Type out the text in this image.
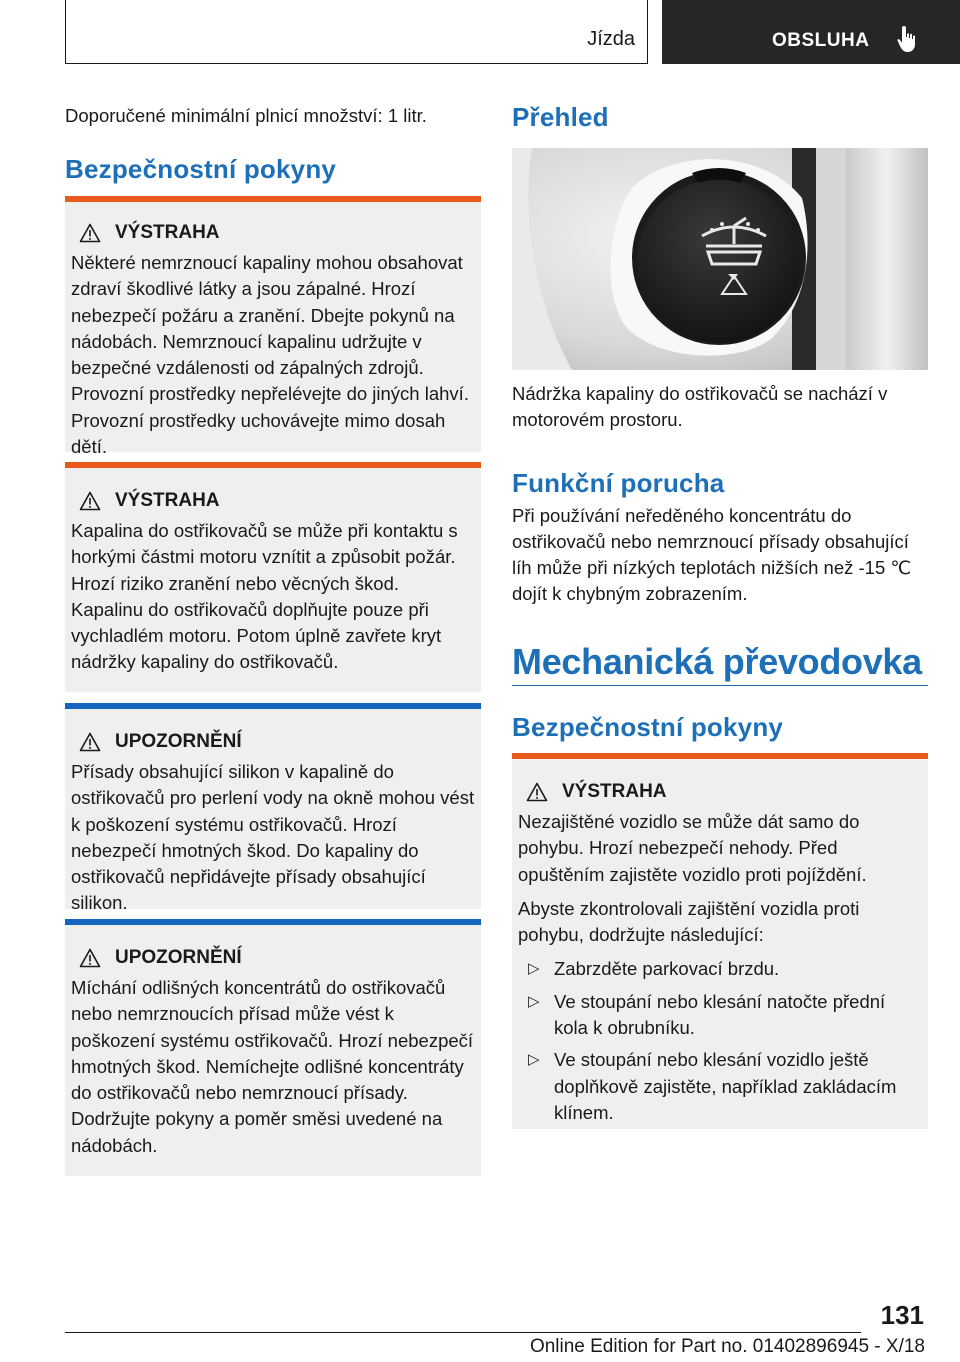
Jízda	OBSLUHA

Doporučené minimální plnicí množství: 1 litr.

Bezpečnostní pokyny
VÝSTRAHA

Některé nemrznoucí kapaliny mohou obsahovat zdraví škodlivé látky a jsou zápalné. Hrozí nebezpečí požáru a zranění. Dbejte pokynů na nádobách. Nemrznoucí kapalinu udržujte v bezpečné vzdálenosti od zápalných zdrojů. Provozní prostředky nepřelévejte do jiných lahví. Provozní prostředky uchovávejte mimo dosah dětí.

VÝSTRAHA

Kapalina do ostřikovačů se může při kontaktu s horkými částmi motoru vznítit a způsobit požár. Hrozí riziko zranění nebo věcných škod. Kapalinu do ostřikovačů doplňujte pouze při vychladlém motoru. Potom úplně zavřete kryt nádržky kapaliny do ostřikovačů.

UPOZORNĚNÍ

Přísady obsahující silikon v kapalině do ostřikovačů pro perlení vody na okně mohou vést k poškození systému ostřikovačů. Hrozí nebezpečí hmotných škod. Do kapaliny do ostřikovačů nepřidávejte přísady obsahující silikon.

UPOZORNĚNÍ

Míchání odlišných koncentrátů do ostřikovačů nebo nemrznoucích přísad může vést k poškození systému ostřikovačů. Hrozí nebezpečí hmotných škod. Nemíchejte odlišné koncentráty do ostřikovačů nebo nemrznoucí přísady. Dodržujte pokyny a poměr směsi uvedené na nádobách.

Přehled

Nádržka kapaliny do ostřikovačů se nachází v motorovém prostoru.

Funkční porucha

Při používání neředěného koncentrátu do ostřikovačů nebo nemrznoucí přísady obsahující líh může při nízkých teplotách nižších než -15 ℃ dojít k chybným zobrazením.

Mechanická převodovka
Bezpečnostní pokyny
VÝSTRAHA

Nezajištěné vozidlo se může dát samo do pohybu. Hrozí nebezpečí nehody. Před opuštěním zajistěte vozidlo proti pojíždění.

Abyste zkontrolovali zajištění vozidla proti pohybu, dodržujte následující:

▷ Zabrzděte parkovací brzdu.
▷ Ve stoupání nebo klesání natočte přední kola k obrubníku.
▷ Ve stoupání nebo klesání vozidlo ještě doplňkově zajistěte, například zakládacím klínem.
131
Online Edition for Part no. 01402896945 - X/18
